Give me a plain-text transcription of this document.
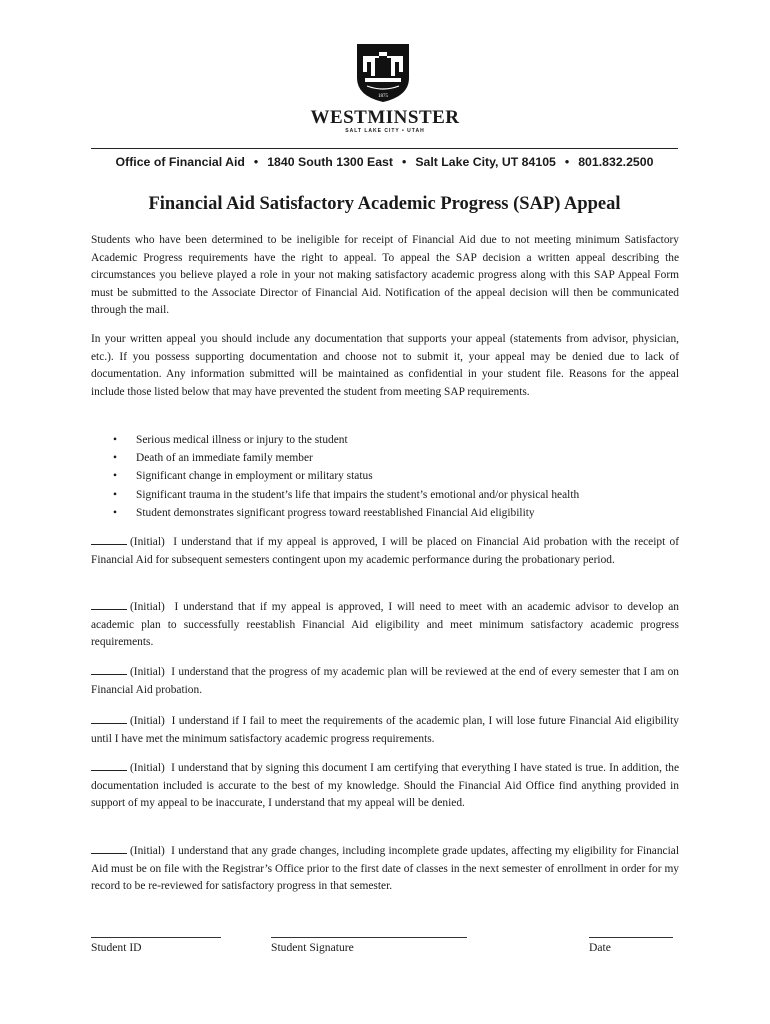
1875
WESTMINSTER
SALT LAKE CITY • UTAH
Office of Financial Aid • 1840 South 1300 East • Salt Lake City, UT 84105 • 801.832.2500
Financial Aid Satisfactory Academic Progress (SAP) Appeal

Students who have been determined to be ineligible for receipt of Financial Aid due to not meeting minimum Satisfactory Academic Progress requirements have the right to appeal. To appeal the SAP decision a written appeal describing the circumstances you believe played a role in your not making satisfactory academic progress along with this SAP Appeal Form must be submitted to the Associate Director of Financial Aid. Notification of the appeal decision will then be communicated through the mail.

In your written appeal you should include any documentation that supports your appeal (statements from advisor, physician, etc.). If you possess supporting documentation and choose not to submit it, your appeal may be denied due to lack of documentation. Any information submitted will be maintained as confidential in your student file. Reasons for the appeal include those listed below that may have prevented the student from meeting SAP requirements.

• Serious medical illness or injury to the student
• Death of an immediate family member
• Significant change in employment or military status
• Significant trauma in the student’s life that impairs the student’s emotional and/or physical health
• Student demonstrates significant progress toward reestablished Financial Aid eligibility

(Initial) I understand that if my appeal is approved, I will be placed on Financial Aid probation with the receipt of Financial Aid for subsequent semesters contingent upon my academic performance during the probationary period.

(Initial) I understand that if my appeal is approved, I will need to meet with an academic advisor to develop an academic plan to successfully reestablish Financial Aid eligibility and meet minimum satisfactory academic progress requirements.

(Initial) I understand that the progress of my academic plan will be reviewed at the end of every semester that I am on Financial Aid probation.

(Initial) I understand if I fail to meet the requirements of the academic plan, I will lose future Financial Aid eligibility until I have met the minimum satisfactory academic progress requirements.

(Initial) I understand that by signing this document I am certifying that everything I have stated is true. In addition, the documentation included is accurate to the best of my knowledge. Should the Financial Aid Office find anything provided in support of my appeal to be inaccurate, I understand that my appeal will be denied.

(Initial) I understand that any grade changes, including incomplete grade updates, affecting my eligibility for Financial Aid must be on file with the Registrar’s Office prior to the first date of classes in the next semester of enrollment in order for my record to be re-reviewed for satisfactory progress in that semester.

Student ID	Student Signature	Date
